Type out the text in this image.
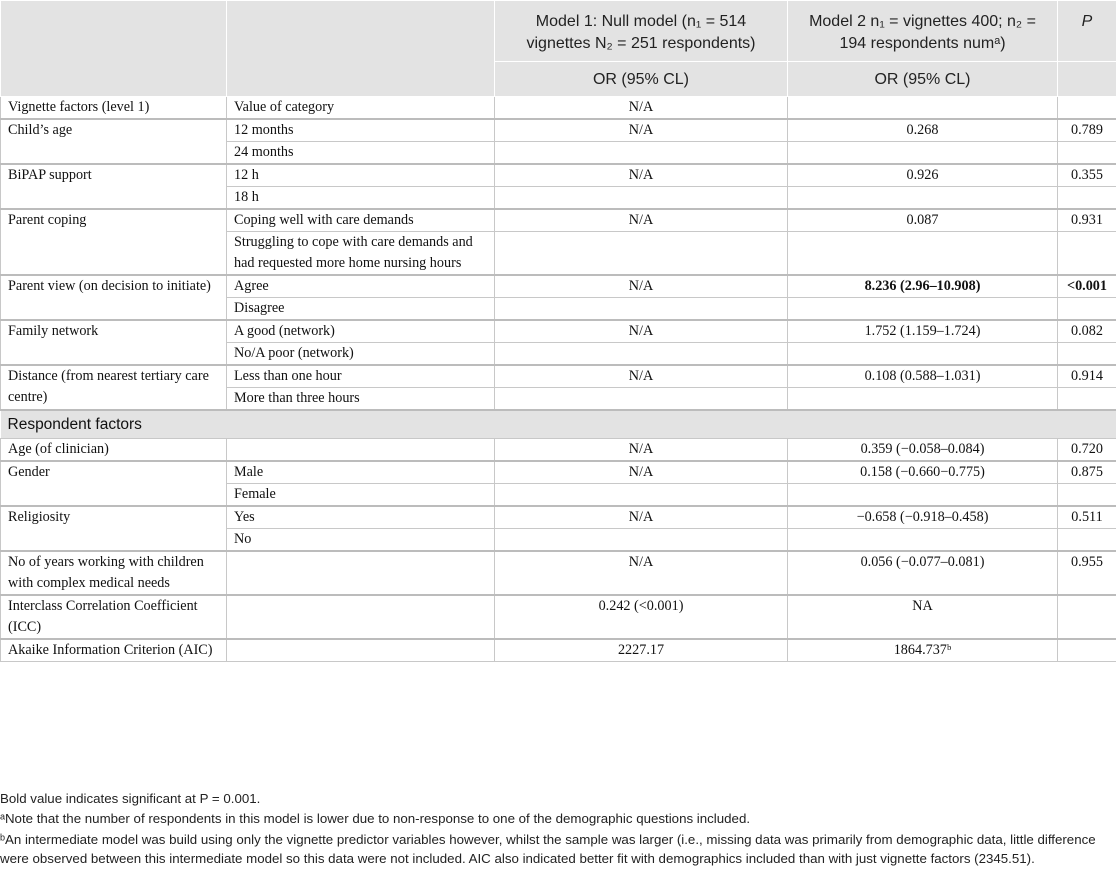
		Model 1: Null model (n₁ = 514 vignettes N₂ = 251 respondents)	Model 2 n₁ = vignettes 400; n₂ = 194 respondents numᵃ)	P
		OR (95% CL)	OR (95% CL)	
Vignette factors (level 1)	Value of category	N/A		
Child’s age	12 months	N/A	0.268	0.789
	24 months			
BiPAP support	12 h	N/A	0.926	0.355
	18 h			
Parent coping	Coping well with care demands	N/A	0.087	0.931
	Struggling to cope with care demands and had requested more home nursing hours			
Parent view (on decision to initiate)	Agree	N/A	8.236 (2.96–10.908)	<0.001
	Disagree			
Family network	A good (network)	N/A	1.752 (1.159–1.724)	0.082
	No/A poor (network)			
Distance (from nearest tertiary care centre)	Less than one hour	N/A	0.108 (0.588–1.031)	0.914
	More than three hours			
Respondent factors				
Age (of clinician)		N/A	0.359 (−0.058–0.084)	0.720
Gender	Male	N/A	0.158 (−0.660−0.775)	0.875
	Female			
Religiosity	Yes	N/A	−0.658 (−0.918–0.458)	0.511
	No			
No of years working with children with complex medical needs		N/A	0.056 (−0.077–0.081)	0.955
Interclass Correlation Coefficient (ICC)		0.242 (<0.001)	NA	
Akaike Information Criterion (AIC)		2227.17	1864.737ᵇ	

Bold value indicates significant at P = 0.001.

ᵃNote that the number of respondents in this model is lower due to non-response to one of the demographic questions included.

ᵇAn intermediate model was build using only the vignette predictor variables however, whilst the sample was larger (i.e., missing data was primarily from demographic data, little difference were observed between this intermediate model so this data were not included. AIC also indicated better fit with demographics included than with just vignette factors (2345.51).
